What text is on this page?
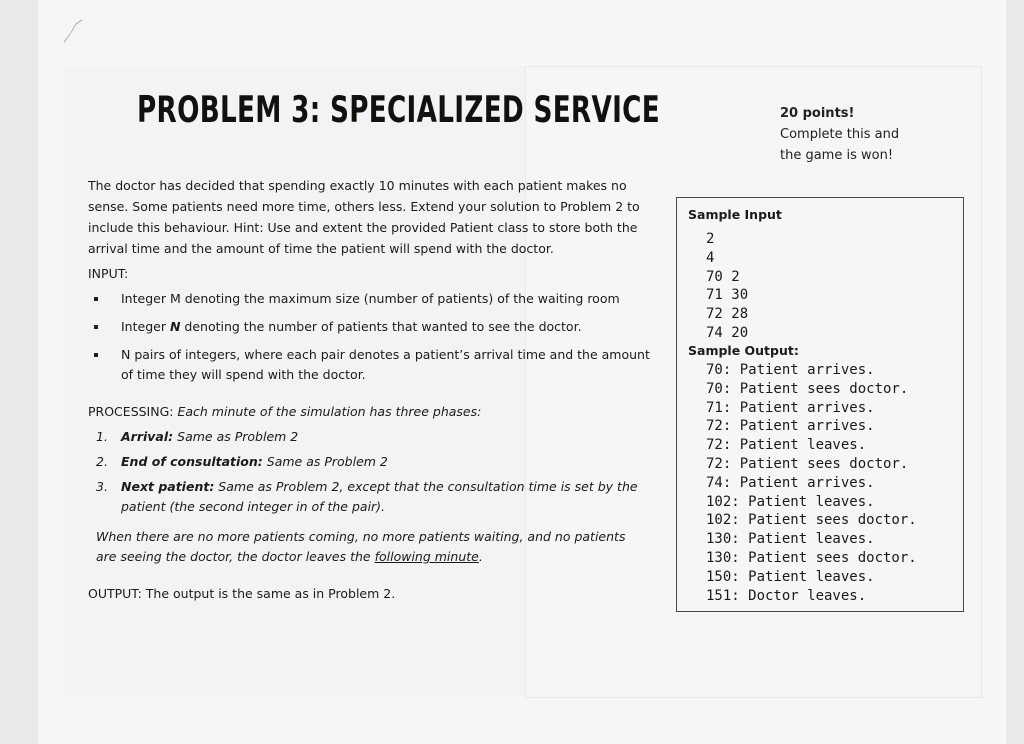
PROBLEM 3: SPECIALIZED SERVICE	20 points!
Complete this and
the game is won!

The doctor has decided that spending exactly 10 minutes with each patient makes no sense. Some patients need more time, others less. Extend your solution to Problem 2 to include this behaviour. Hint: Use and extent the provided Patient class to store both the arrival time and the amount of time the patient will spend with the doctor.

INPUT:
Integer M denoting the maximum size (number of patients) of the waiting room
Integer N denoting the number of patients that wanted to see the doctor.
N pairs of integers, where each pair denotes a patient’s arrival time and the amount of time they will spend with the doctor.
PROCESSING: Each minute of the simulation has three phases:
1. Arrival: Same as Problem 2
2. End of consultation: Same as Problem 2
3. Next patient: Same as Problem 2, except that the consultation time is set by the patient (the second integer in of the pair).

When there are no more patients coming, no more patients waiting, and no patients are seeing the doctor, the doctor leaves the following minute.

OUTPUT: The output is the same as in Problem 2.
Sample Input
2
4
70 2
71 30
72 28
74 20
Sample Output:
70: Patient arrives.
70: Patient sees doctor.
71: Patient arrives.
72: Patient arrives.
72: Patient leaves.
72: Patient sees doctor.
74: Patient arrives.
102: Patient leaves.
102: Patient sees doctor.
130: Patient leaves.
130: Patient sees doctor.
150: Patient leaves.
151: Doctor leaves.
